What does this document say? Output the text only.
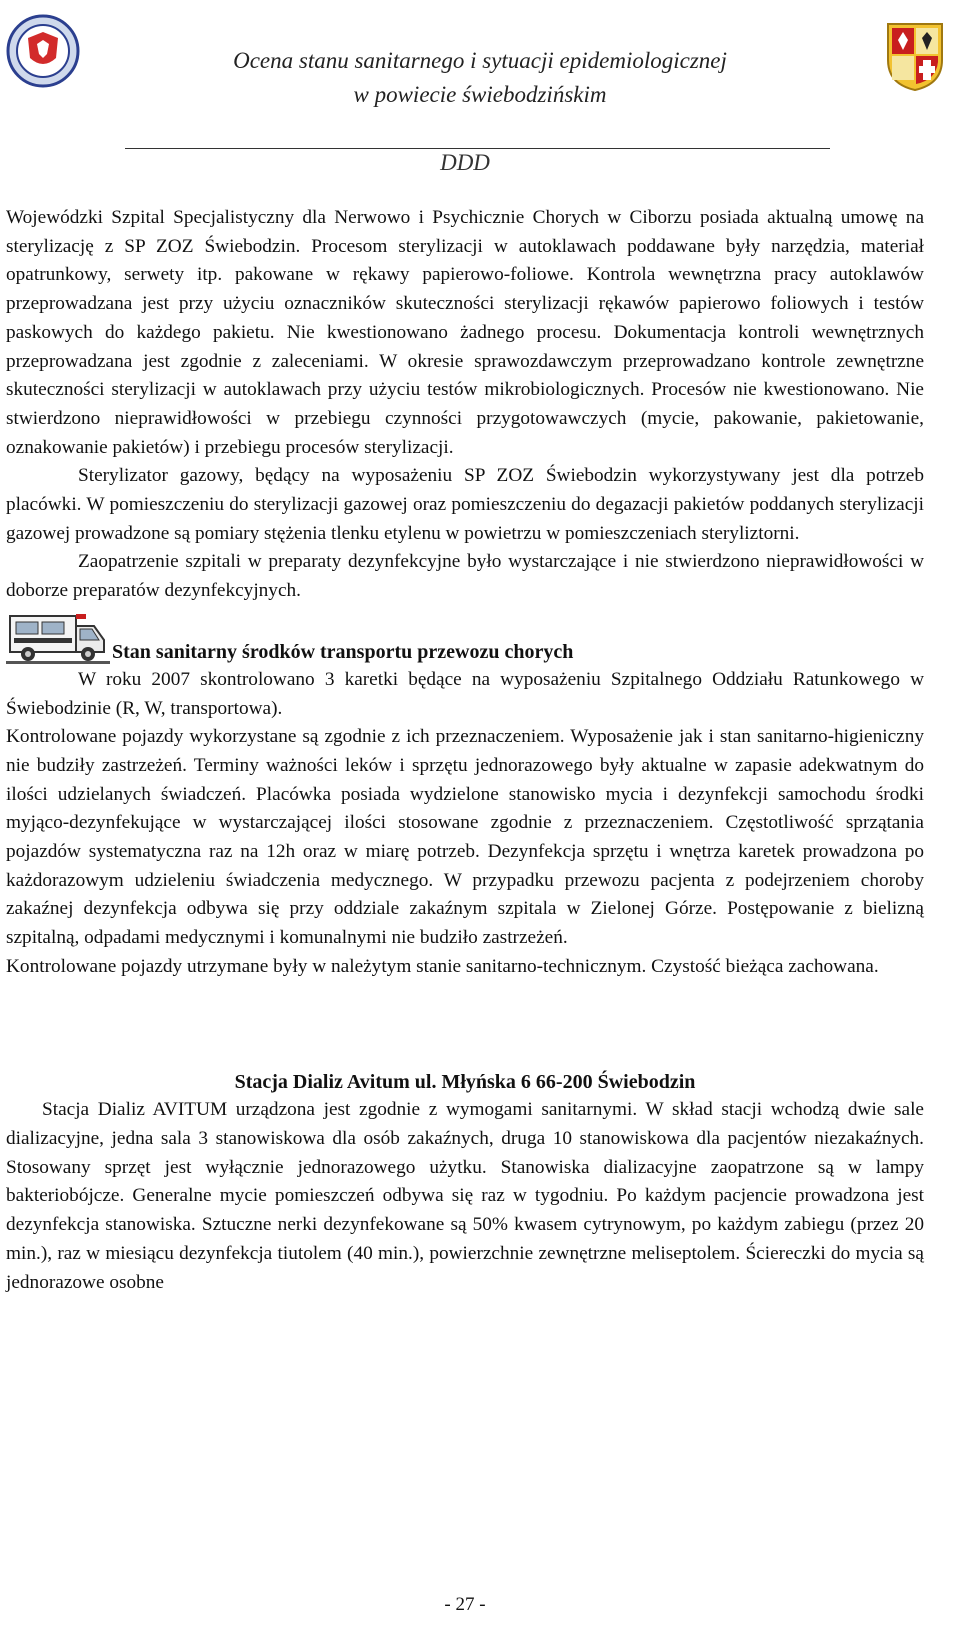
Ocena stanu sanitarnego i sytuacji epidemiologicznej
w powiecie świebodzińskim
DDD

Wojewódzki Szpital Specjalistyczny dla Nerwowo i Psychicznie Chorych w Ciborzu posiada aktualną umowę na sterylizację z SP ZOZ Świebodzin. Procesom sterylizacji w autoklawach poddawane były narzędzia, materiał opatrunkowy, serwety itp. pakowane w rękawy papierowo-foliowe. Kontrola wewnętrzna pracy autoklawów przeprowadzana jest przy użyciu oznaczników skuteczności sterylizacji rękawów papierowo foliowych i testów paskowych do każdego pakietu. Nie kwestionowano żadnego procesu. Dokumentacja kontroli wewnętrznych przeprowadzana jest zgodnie z zaleceniami. W okresie sprawozdawczym przeprowadzano kontrole zewnętrzne skuteczności sterylizacji w autoklawach przy użyciu testów mikrobiologicznych. Procesów nie kwestionowano. Nie stwierdzono nieprawidłowości w przebiegu czynności przygotowawczych (mycie, pakowanie, pakietowanie, oznakowanie pakietów) i przebiegu procesów sterylizacji.

Sterylizator gazowy, będący na wyposażeniu SP ZOZ Świebodzin wykorzystywany jest dla potrzeb placówki. W pomieszczeniu do sterylizacji gazowej oraz pomieszczeniu do degazacji pakietów poddanych sterylizacji gazowej prowadzone są pomiary stężenia tlenku etylenu w powietrzu w pomieszczeniach steryliztorni.

Zaopatrzenie szpitali w preparaty dezynfekcyjne było wystarczające i nie stwierdzono nieprawidłowości w doborze preparatów dezynfekcyjnych.

Stan sanitarny środków transportu przewozu chorych

W roku 2007 skontrolowano 3 karetki będące na wyposażeniu Szpitalnego Oddziału Ratunkowego w Świebodzinie (R, W, transportowa).

Kontrolowane pojazdy wykorzystane są zgodnie z ich przeznaczeniem. Wyposażenie jak i stan sanitarno-higieniczny nie budziły zastrzeżeń. Terminy ważności leków i sprzętu jednorazowego były aktualne w zapasie adekwatnym do ilości udzielanych świadczeń. Placówka posiada wydzielone stanowisko mycia i dezynfekcji samochodu środki myjąco-dezynfekujące w wystarczającej ilości stosowane zgodnie z przeznaczeniem. Częstotliwość sprzątania pojazdów systematyczna raz na 12h oraz w miarę potrzeb. Dezynfekcja sprzętu i wnętrza karetek prowadzona po każdorazowym udzieleniu świadczenia medycznego. W przypadku przewozu pacjenta z podejrzeniem choroby zakaźnej dezynfekcja odbywa się przy oddziale zakaźnym szpitala w Zielonej Górze. Postępowanie z bielizną szpitalną, odpadami medycznymi i komunalnymi nie budziło zastrzeżeń.

Kontrolowane pojazdy utrzymane były w należytym stanie sanitarno-technicznym. Czystość bieżąca zachowana.

Stacja Dializ Avitum ul. Młyńska 6 66-200 Świebodzin

Stacja Dializ AVITUM urządzona jest zgodnie z wymogami sanitarnymi. W skład stacji wchodzą dwie sale dializacyjne, jedna sala 3 stanowiskowa dla osób zakaźnych, druga 10 stanowiskowa dla pacjentów niezakaźnych. Stosowany sprzęt jest wyłącznie jednorazowego użytku. Stanowiska dializacyjne zaopatrzone są w lampy bakteriobójcze. Generalne mycie pomieszczeń odbywa się raz w tygodniu. Po każdym pacjencie prowadzona jest dezynfekcja stanowiska. Sztuczne nerki dezynfekowane są 50% kwasem cytrynowym, po każdym zabiegu (przez 20 min.), raz w miesiącu dezynfekcja tiutolem (40 min.), powierzchnie zewnętrzne meliseptolem. Ściereczki do mycia są jednorazowe osobne

- 27 -
